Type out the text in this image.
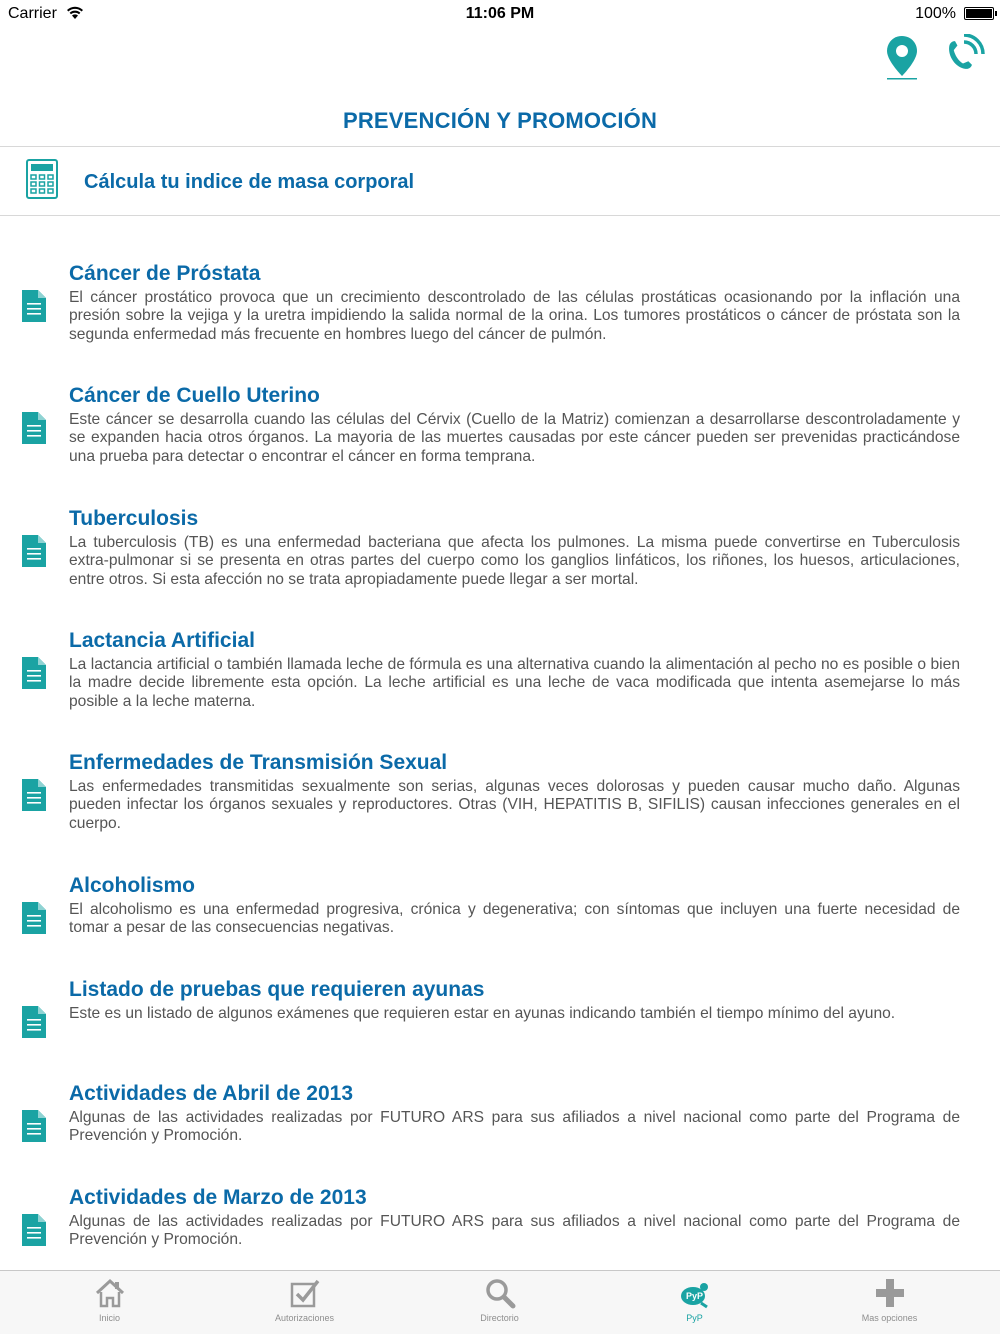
Carrier	11:06 PM	100%
PREVENCIÓN Y PROMOCIÓN
Cálcula tu indice de masa corporal
Cáncer de Próstata

El cáncer prostático provoca que un crecimiento descontrolado de las células prostáticas ocasionando por la inflación una presión sobre la vejiga y la uretra impidiendo la salida normal de la orina. Los tumores prostáticos o cáncer de próstata son la segunda enfermedad más frecuente en hombres luego del cáncer de pulmón.

Cáncer de Cuello Uterino

Este cáncer se desarrolla cuando las células del Cérvix (Cuello de la Matriz) comienzan a desarrollarse descontroladamente y se expanden hacia otros órganos. La mayoria de las muertes causadas por este cáncer pueden ser prevenidas practicándose una prueba para detectar o encontrar el cáncer en forma temprana.

Tuberculosis

La tuberculosis (TB) es una enfermedad bacteriana que afecta los pulmones. La misma puede convertirse en Tuberculosis extra-pulmonar si se presenta en otras partes del cuerpo como los ganglios linfáticos, los riñones, los huesos, articulaciones, entre otros. Si esta afección no se trata apropiadamente puede llegar a ser mortal.

Lactancia Artificial

La lactancia artificial o también llamada leche de fórmula es una alternativa cuando la alimentación al pecho no es posible o bien la madre decide libremente esta opción. La leche artificial es una leche de vaca modificada que intenta asemejarse lo más posible a la leche materna.

Enfermedades de Transmisión Sexual

Las enfermedades transmitidas sexualmente son serias, algunas veces dolorosas y pueden causar mucho daño. Algunas pueden infectar los órganos sexuales y reproductores. Otras (VIH, HEPATITIS B, SIFILIS) causan infecciones generales en el cuerpo.

Alcoholismo

El alcoholismo es una enfermedad progresiva, crónica y degenerativa; con síntomas que incluyen una fuerte necesidad de tomar a pesar de las consecuencias negativas.

Listado de pruebas que requieren ayunas

Este es un listado de algunos exámenes que requieren estar en ayunas indicando también el tiempo mínimo del ayuno.

Actividades de Abril de 2013

Algunas de las actividades realizadas por FUTURO ARS para sus afiliados a nivel nacional como parte del Programa de Prevención y Promoción.

Actividades de Marzo de 2013

Algunas de las actividades realizadas por FUTURO ARS para sus afiliados a nivel nacional como parte del Programa de Prevención y Promoción.

Inicio	Autorizaciones	Directorio
PyP
PyP	Mas opciones
